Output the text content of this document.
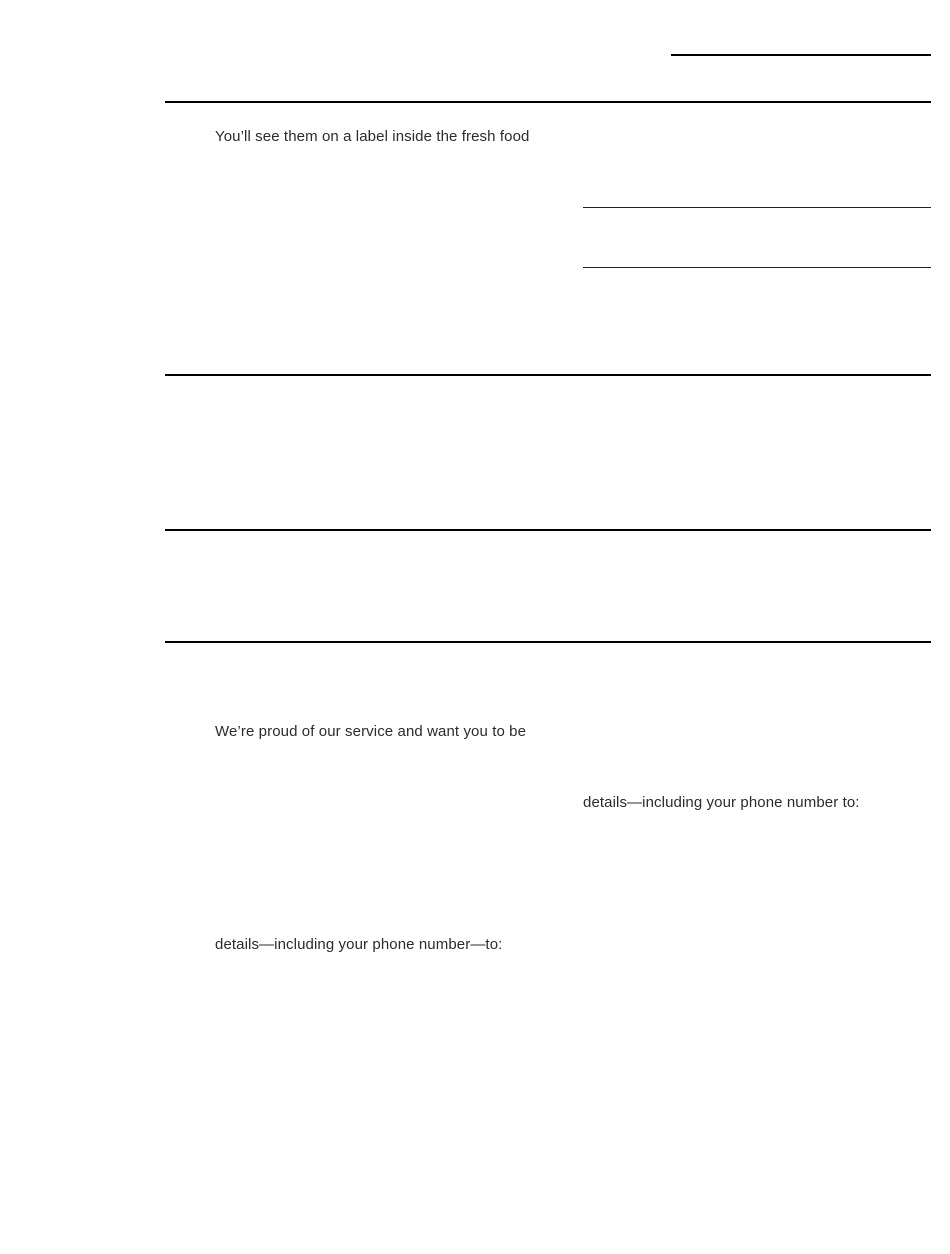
You’ll see them on a label inside the fresh food
We’re proud of our service and want you to be
details—including your phone number to:
details—including your phone number—to:
